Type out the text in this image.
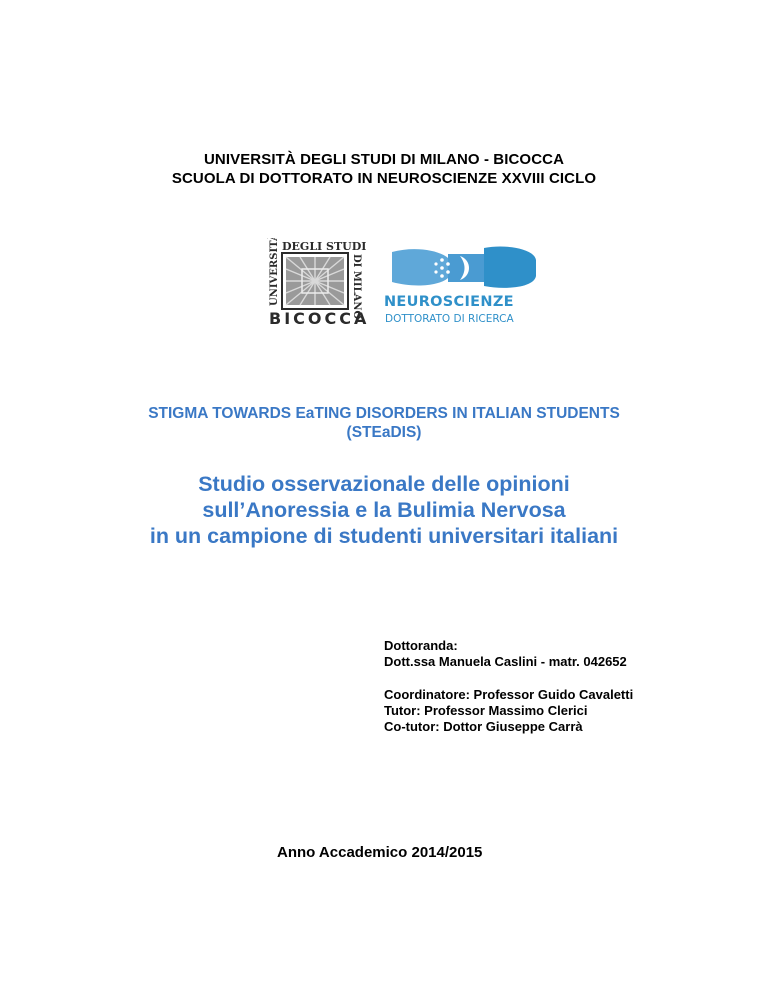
UNIVERSITÀ DEGLI STUDI DI MILANO - BICOCCA
SCUOLA DI DOTTORATO IN NEUROSCIENZE XXVIII CICLO
UNIVERSITÀ DEGLI STUDI
DI MILANO
BICOCCA
NEUROSCIENZE
DOTTORATO DI RICERCA
STIGMA TOWARDS EaTING DISORDERS IN ITALIAN STUDENTS
(STEaDIS)
Studio osservazionale delle opinioni
sull’Anoressia e la Bulimia Nervosa
in un campione di studenti universitari italiani
Dottoranda:
Dott.ssa Manuela Caslini - matr. 042652
Coordinatore: Professor Guido Cavaletti
Tutor: Professor Massimo Clerici
Co-tutor: Dottor Giuseppe Carrà
Anno Accademico 2014/2015
